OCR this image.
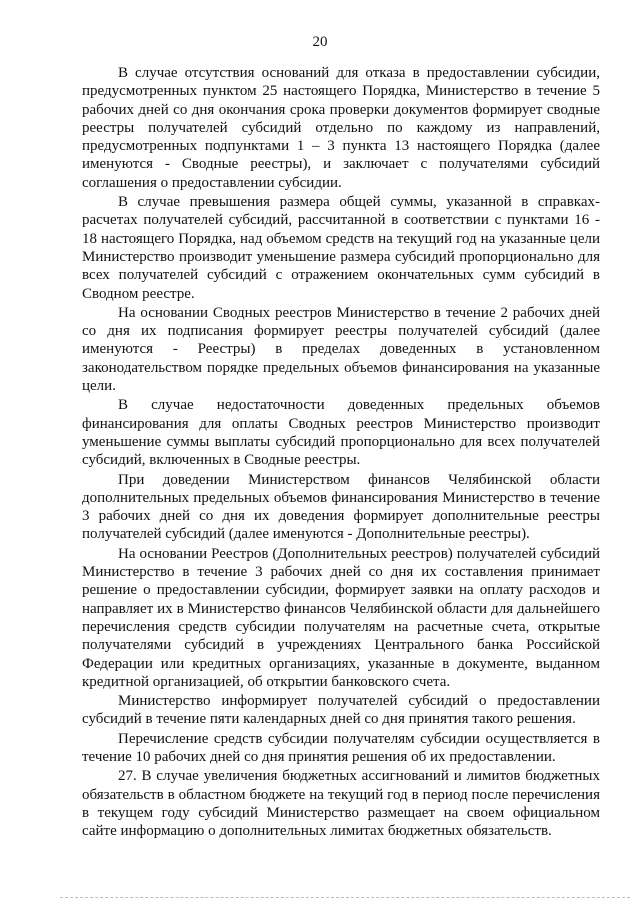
20

В случае отсутствия оснований для отказа в предоставлении субсидии, предусмотренных пунктом 25 настоящего Порядка, Министерство в течение 5 рабочих дней со дня окончания срока проверки документов формирует сводные реестры получателей субсидий отдельно по каждому из направлений, предусмотренных подпунктами 1 – 3 пункта 13 настоящего Порядка (далее именуются - Сводные реестры), и заключает с получателями субсидий соглашения о предоставлении субсидии.

В случае превышения размера общей суммы, указанной в справках-расчетах получателей субсидий, рассчитанной в соответствии с пунктами 16 - 18 настоящего Порядка, над объемом средств на текущий год на указанные цели Министерство производит уменьшение размера субсидий пропорционально для всех получателей субсидий с отражением окончательных сумм субсидий в Сводном реестре.

На основании Сводных реестров Министерство в течение 2 рабочих дней со дня их подписания формирует реестры получателей субсидий (далее именуются - Реестры) в пределах доведенных в установленном законодательством порядке предельных объемов финансирования на указанные цели.

В случае недостаточности доведенных предельных объемов финансирования для оплаты Сводных реестров Министерство производит уменьшение суммы выплаты субсидий пропорционально для всех получателей субсидий, включенных в Сводные реестры.

При доведении Министерством финансов Челябинской области дополнительных предельных объемов финансирования Министерство в течение 3 рабочих дней со дня их доведения формирует дополнительные реестры получателей субсидий (далее именуются - Дополнительные реестры).

На основании Реестров (Дополнительных реестров) получателей субсидий Министерство в течение 3 рабочих дней со дня их составления принимает решение о предоставлении субсидии, формирует заявки на оплату расходов и направляет их в Министерство финансов Челябинской области для дальнейшего перечисления средств субсидии получателям на расчетные счета, открытые получателями субсидий в учреждениях Центрального банка Российской Федерации или кредитных организациях, указанные в документе, выданном кредитной организацией, об открытии банковского счета.

Министерство информирует получателей субсидий о предоставлении субсидий в течение пяти календарных дней со дня принятия такого решения.

Перечисление средств субсидии получателям субсидии осуществляется в течение 10 рабочих дней со дня принятия решения об их предоставлении.

27. В случае увеличения бюджетных ассигнований и лимитов бюджетных обязательств в областном бюджете на текущий год в период после перечисления в текущем году субсидий Министерство размещает на своем официальном сайте информацию о дополнительных лимитах бюджетных обязательств.
